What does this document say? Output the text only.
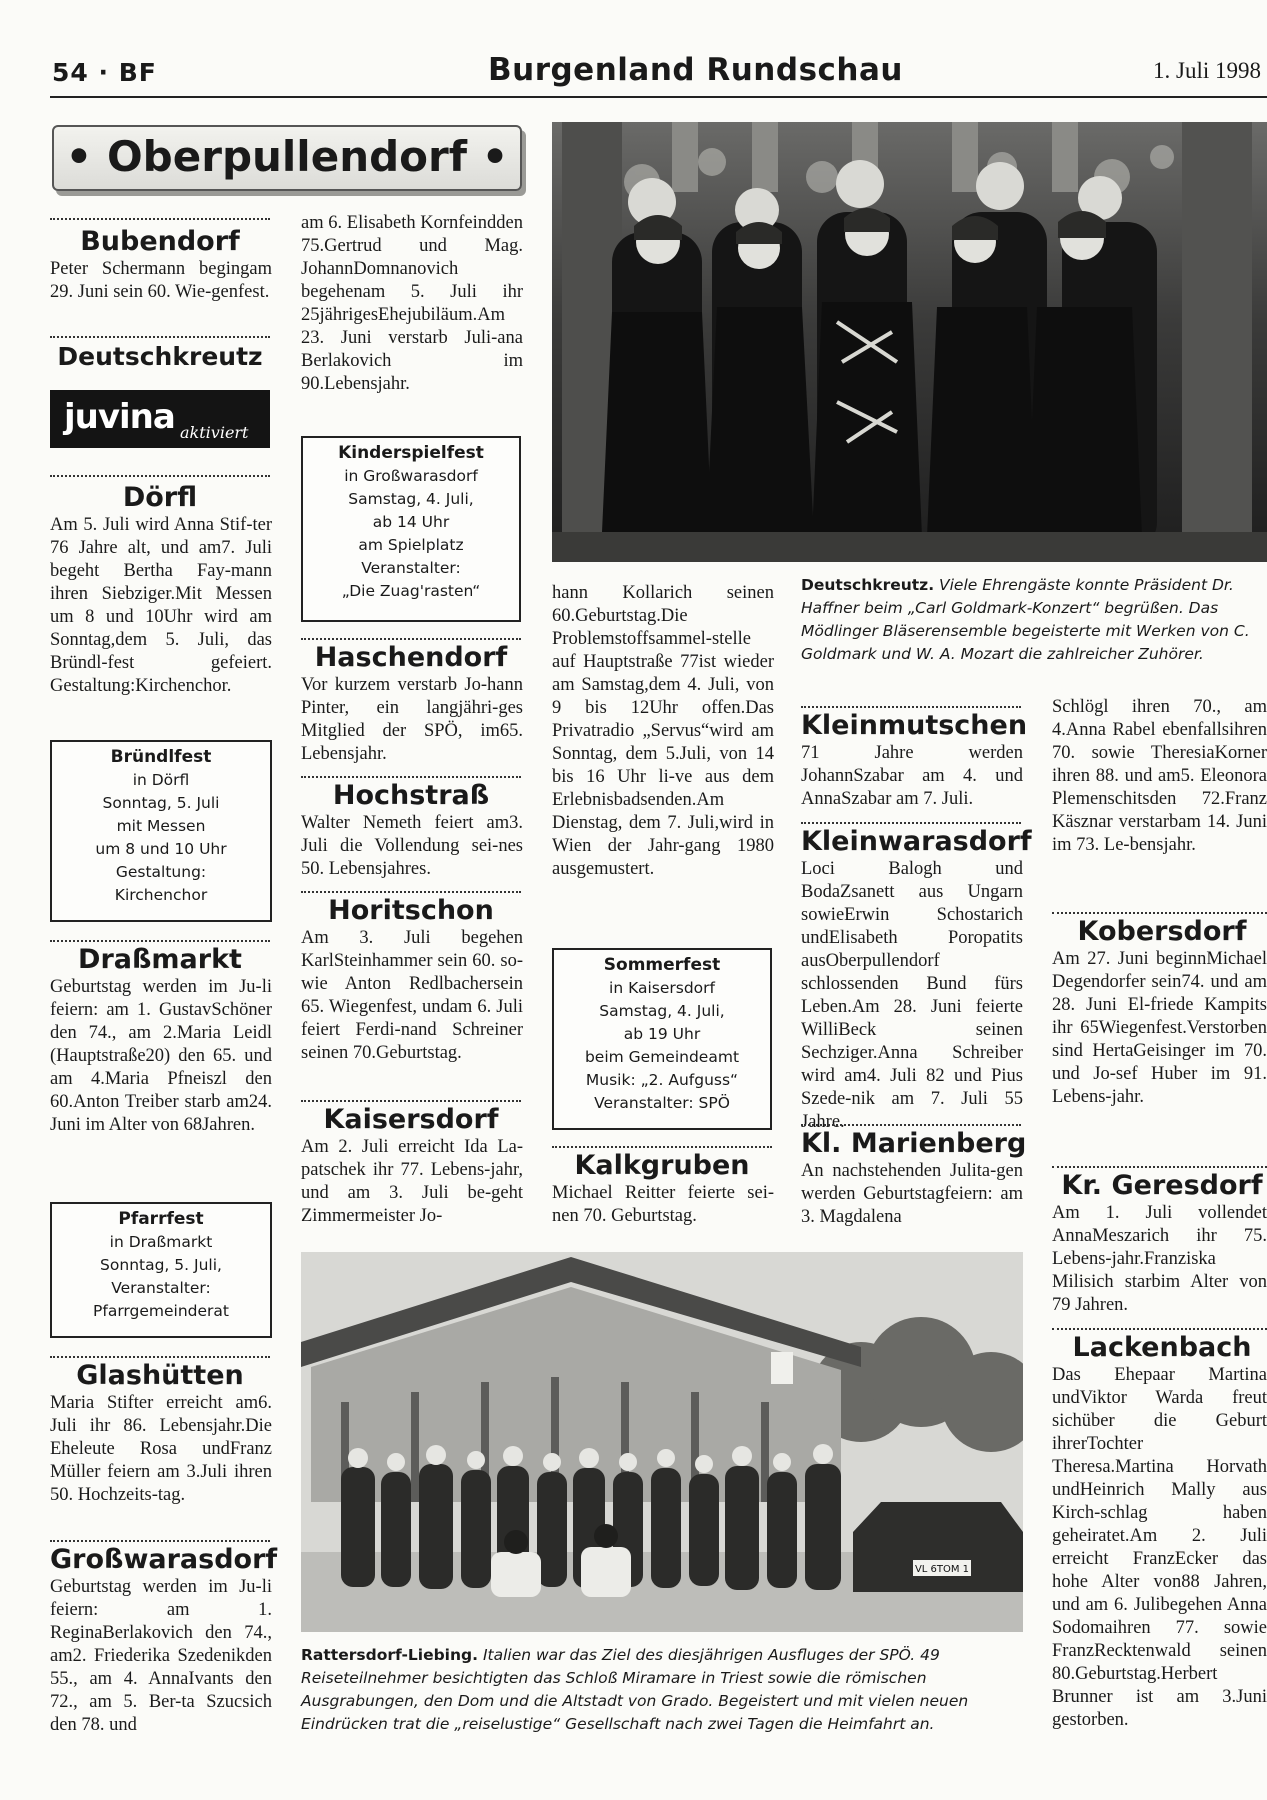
54 · BF	Burgenland Rundschau	1. Juli 1998
• Oberpullendorf •
Bubendorf
Peter Schermann begingam 29. Juni sein 60. Wie-genfest.
Deutschkreutz
juvina aktiviert
Dörfl
Am 5. Juli wird Anna Stif-ter 76 Jahre alt, und am7. Juli begeht Bertha Fay-mann ihren Siebziger.Mit Messen um 8 und 10Uhr wird am Sonntag,dem 5. Juli, das Bründl-fest gefeiert. Gestaltung:Kirchenchor.
Bründlfest
in Dörfl
Sonntag, 5. Juli
mit Messen
um 8 und 10 Uhr
Gestaltung:
Kirchenchor
Draßmarkt
Geburtstag werden im Ju-li feiern: am 1. GustavSchöner den 74., am 2.Maria Leidl (Hauptstraße20) den 65. und am 4.Maria Pfneiszl den 60.Anton Treiber starb am24. Juni im Alter von 68Jahren.
Pfarrfest
in Draßmarkt
Sonntag, 5. Juli,
Veranstalter:
Pfarrgemeinderat
Glashütten
Maria Stifter erreicht am6. Juli ihr 86. Lebensjahr.Die Eheleute Rosa undFranz Müller feiern am 3.Juli ihren 50. Hochzeits-tag.
Großwarasdorf
Geburtstag werden im Ju-li feiern: am 1. ReginaBerlakovich den 74., am2. Friederika Szedenikden 55., am 4. AnnaIvants den 72., am 5. Ber-ta Szucsich den 78. und
am 6. Elisabeth Kornfeindden 75.Gertrud und Mag. JohannDomnanovich begehenam 5. Juli ihr 25jährigesEhejubiläum.Am 23. Juni verstarb Juli-ana Berlakovich im 90.Lebensjahr.
Kinderspielfest
in Großwarasdorf
Samstag, 4. Juli,
ab 14 Uhr
am Spielplatz
Veranstalter:
„Die Zuag'rasten“
Haschendorf
Vor kurzem verstarb Jo-hann Pinter, ein langjähri-ges Mitglied der SPÖ, im65. Lebensjahr.
Hochstraß
Walter Nemeth feiert am3. Juli die Vollendung sei-nes 50. Lebensjahres.
Horitschon
Am 3. Juli begehen KarlSteinhammer sein 60. so-wie Anton Redlbachersein 65. Wiegenfest, undam 6. Juli feiert Ferdi-nand Schreiner seinen 70.Geburtstag.
Kaisersdorf
Am 2. Juli erreicht Ida La-patschek ihr 77. Lebens-jahr, und am 3. Juli be-geht Zimmermeister Jo-
Deutschkreutz. Viele Ehrengäste konnte Präsident Dr. Haffner beim „Carl Goldmark-Konzert“ begrüßen. Das Mödlinger Bläserensemble begeisterte mit Werken von C. Goldmark und W. A. Mozart die zahlreicher Zuhörer.
hann Kollarich seinen 60.Geburtstag.Die Problemstoffsammel-stelle auf Hauptstraße 77ist wieder am Samstag,dem 4. Juli, von 9 bis 12Uhr offen.Das Privatradio „Servus“wird am Sonntag, dem 5.Juli, von 14 bis 16 Uhr li-ve aus dem Erlebnisbadsenden.Am Dienstag, dem 7. Juli,wird in Wien der Jahr-gang 1980 ausgemustert.
Sommerfest
in Kaisersdorf
Samstag, 4. Juli,
ab 19 Uhr
beim Gemeindeamt
Musik: „2. Aufguss“
Veranstalter: SPÖ
Kalkgruben
Michael Reitter feierte sei-nen 70. Geburtstag.
Kleinmutschen
71 Jahre werden JohannSzabar am 4. und AnnaSzabar am 7. Juli.
Kleinwarasdorf
Loci Balogh und BodaZsanett aus Ungarn sowieErwin Schostarich undElisabeth Poropatits ausOberpullendorf schlossenden Bund fürs Leben.Am 28. Juni feierte WilliBeck seinen Sechziger.Anna Schreiber wird am4. Juli 82 und Pius Szede-nik am 7. Juli 55 Jahre.
Kl. Marienberg
An nachstehenden Julita-gen werden Geburtstagfeiern: am 3. Magdalena
Schlögl ihren 70., am 4.Anna Rabel ebenfallsihren 70. sowie TheresiaKorner ihren 88. und am5. Eleonora Plemenschitsden 72.Franz Käsznar verstarbam 14. Juni im 73. Le-bensjahr.
Kobersdorf
Am 27. Juni beginnMichael Degendorfer sein74. und am 28. Juni El-friede Kampits ihr 65Wiegenfest.Verstorben sind HertaGeisinger im 70. und Jo-sef Huber im 91. Lebens-jahr.
Kr. Geresdorf
Am 1. Juli vollendet AnnaMeszarich ihr 75. Lebens-jahr.Franziska Milisich starbim Alter von 79 Jahren.
Lackenbach
Das Ehepaar Martina undViktor Warda freut sichüber die Geburt ihrerTochter Theresa.Martina Horvath undHeinrich Mally aus Kirch-schlag haben geheiratet.Am 2. Juli erreicht FranzEcker das hohe Alter von88 Jahren, und am 6. Julibegehen Anna Sodomaihren 77. sowie FranzRecktenwald seinen 80.Geburtstag.Herbert Brunner ist am 3.Juni gestorben.
VL 6TOM 1
Rattersdorf-Liebing. Italien war das Ziel des diesjährigen Ausfluges der SPÖ. 49 Reiseteilnehmer besichtigten das Schloß Miramare in Triest sowie die römischen Ausgrabungen, den Dom und die Altstadt von Grado. Begeistert und mit vielen neuen Eindrücken trat die „reiselustige“ Gesellschaft nach zwei Tagen die Heimfahrt an.
